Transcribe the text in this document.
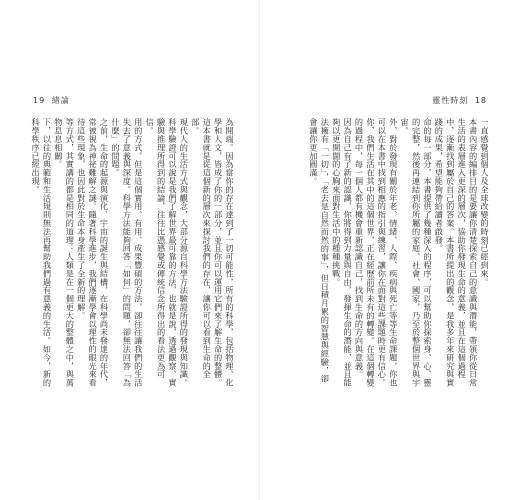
19 緒論

為開端。因為當你的存在達到了一切可能性，所有的科學，包括物理、化學和人文，皆成了你的一部分，並且你可以運用它們來了解生命的整體。這本書就是從這個新的層次來探討我們的存在，讓你可以看到生命的全部。

現代人的生活方式與觀念，大部分源自科學方法驗證所得的發現與知識。科學驗證可以說是我們了解世界最可靠的方法，也就是說，透過觀察、實驗與推理所得到的結論，往往比憑感覺或傳統信念所得出的看法更為可信。

用的方式，但是這個實用、有用、成果豐碩的方法，卻往往讓我們的生活失去了意義與深度。科學方法能夠回答「如何」的問題，卻無法回答「為什麼」的問題。

之前，生命的起源與演化、宇宙的誕生與結構，在科學尚未發達的年代，常被視為神祕難解之謎。隨著科學進步，我們逐漸學會以理性的眼光來看待這些現象，也因此對於生命本身產生了全新的理解。

等方式，其實講的都是相同的道理：人類是在一個更大的整體之中，與萬物息息相關。

下，以往的典範和生活規則無法再幫助我們過有意義的生活。如今，新的科學秩序已經出現。

靈性時刻 18

一直感覺到個人及全球改變的時刻已經到來。

本書內容的編排目的是要讓你清楚探索自己的意識與潛能，帶領你從日常生活的表層進入更深的層次，協助你發現生命的意義，並且在這個過程中，逐漸找到屬於自己的答案。本書所提出的觀念，是我多年來研究與實踐的成果，希望能夠帶給讀者啟發。

命的每一部分，本書提供了幾種深入的程序，可以幫助你探索身、心、靈的完整，然後再連結到你所屬的家庭、社會、國家，乃至於整個世界與宇宙。

外，對於發現有關於年老、情緒、人際、疾病與死亡等等生命課題，你也可以在本書中找到相應的指引與練習，讓你在面對這些課題時更有信心。

你，我們生活在其中的這個世界，正在經歷前所未有的轉變。在這個轉變的過程中，每一個人都有機會重新認識自己，找到生命的方向與意義。

因為自己有了新的認識，你將得到力量與自由，發揮生命的潛能，並且能夠以更開闊的心胸來面對生活中的種種挑戰。

法擁有「一切」，「老去是自然而然的事」，但日積月累的智慧與經驗，卻會讓你更加圓滿。
